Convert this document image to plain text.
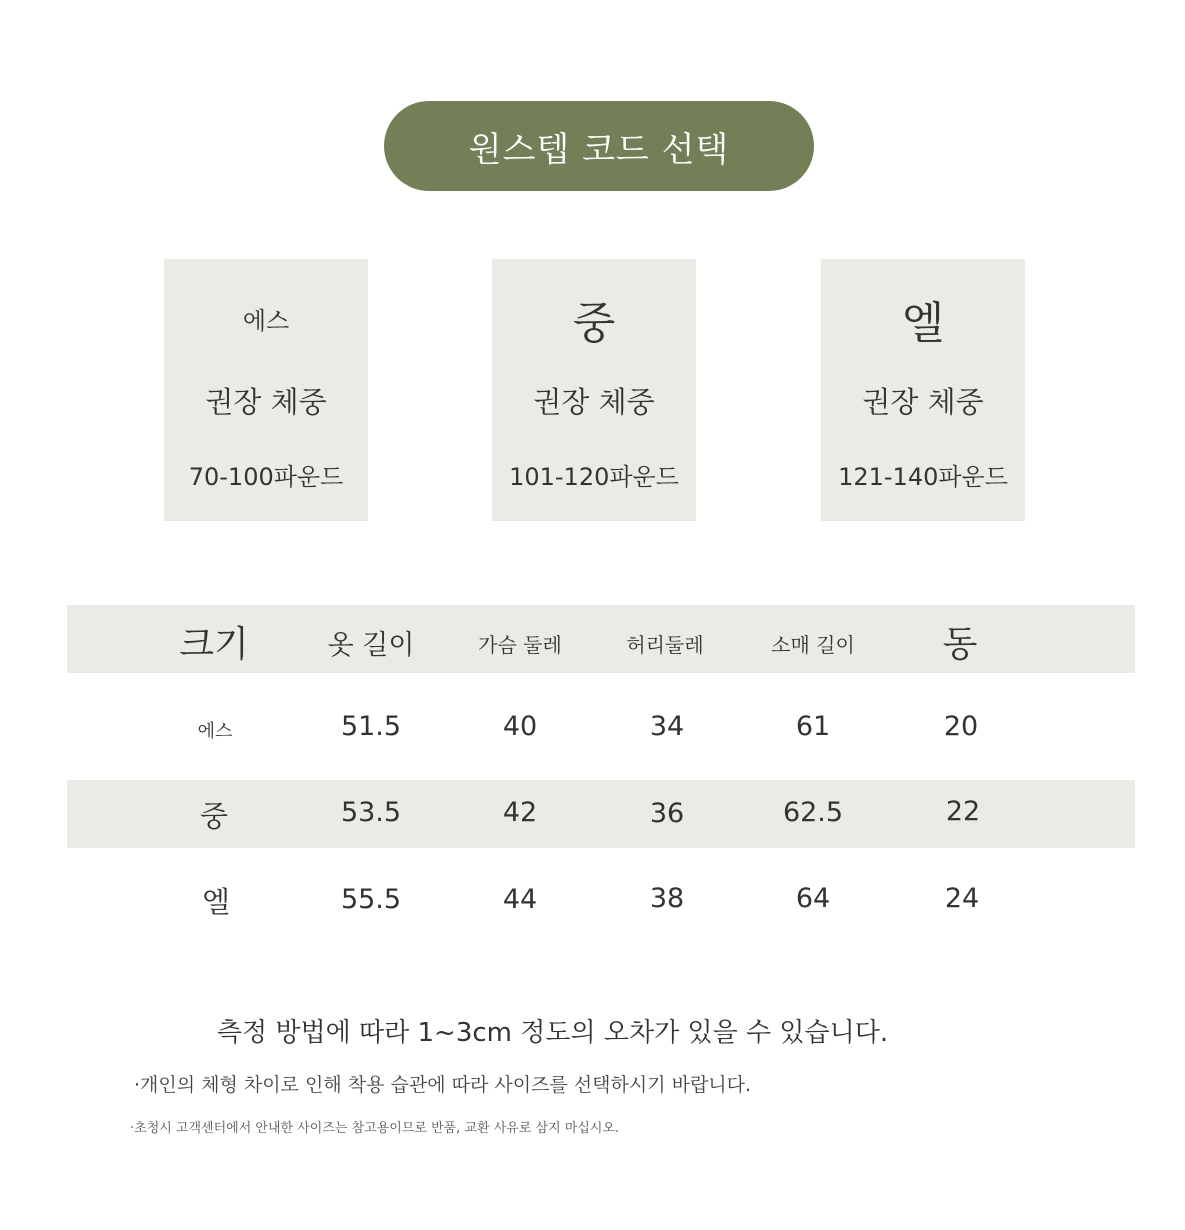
원스텝 코드 선택
에스
권장 체중
70-100파운드
중
권장 체중
101-120파운드
엘
권장 체중
121-140파운드
크기	옷 길이	가슴 둘레	허리둘레	소매 길이	동
에스	51.5	40	34	61	20
중	53.5	42	36	62.5	22
엘	55.5	44	38	64	24
측정 방법에 따라 1~3cm 정도의 오차가 있을 수 있습니다.
·개인의 체형 차이로 인해 착용 습관에 따라 사이즈를 선택하시기 바랍니다.
·초청시 고객센터에서 안내한 사이즈는 참고용이므로 반품, 교환 사유로 삼지 마십시오.
